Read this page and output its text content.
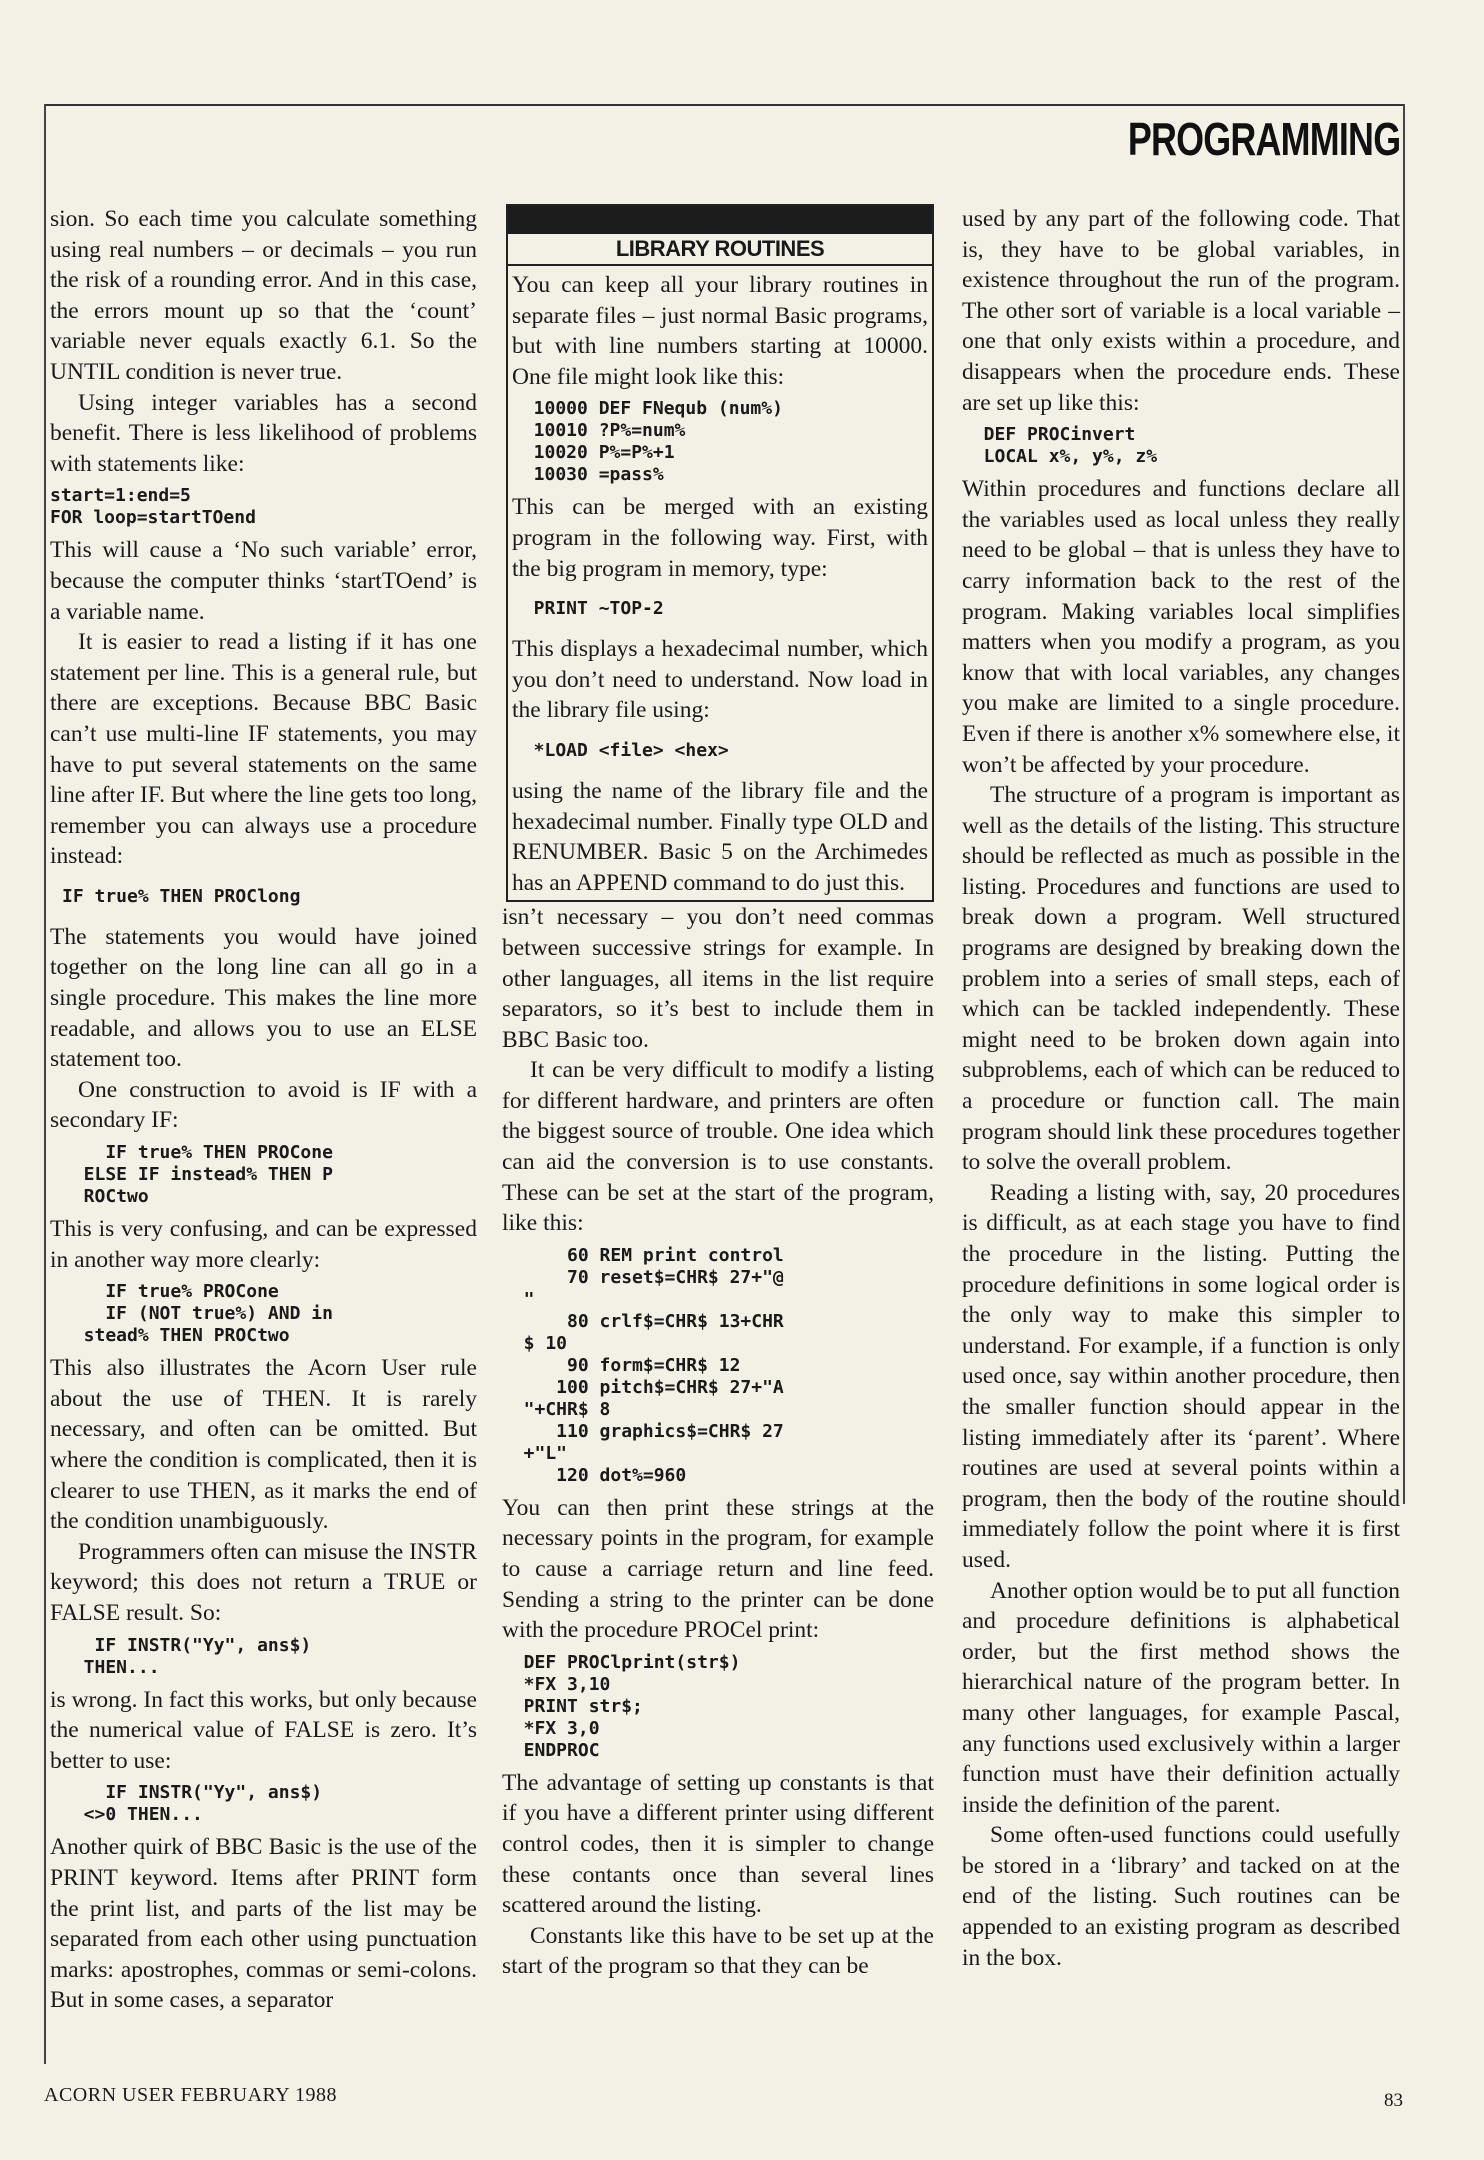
PROGRAMMING

sion. So each time you calculate something using real numbers – or decimals – you run the risk of a rounding error. And in this case, the errors mount up so that the ‘count’ variable never equals exactly 6.1. So the UNTIL condition is never true.

Using integer variables has a second benefit. There is less likelihood of problems with statements like:

start=1:end=5
FOR loop=startTOend

This will cause a ‘No such variable’ error, because the computer thinks ‘startTOend’ is a variable name.

It is easier to read a listing if it has one statement per line. This is a general rule, but there are exceptions. Because BBC Basic can’t use multi-line IF statements, you may have to put several statements on the same line after IF. But where the line gets too long, remember you can always use a procedure instead:

IF true% THEN PROClong

The statements you would have joined together on the long line can all go in a single procedure. This makes the line more readable, and allows you to use an ELSE statement too.

One construction to avoid is IF with a secondary IF:

IF true% THEN PROCone
ELSE IF instead% THEN P
ROCtwo

This is very confusing, and can be expressed in another way more clearly:

IF true% PROCone
IF (NOT true%) AND in
stead% THEN PROCtwo

This also illustrates the Acorn User rule about the use of THEN. It is rarely necessary, and often can be omitted. But where the condition is complicated, then it is clearer to use THEN, as it marks the end of the condition unambiguously.

Programmers often can misuse the INSTR keyword; this does not return a TRUE or FALSE result. So:

IF INSTR("Yy", ans$)
THEN...

is wrong. In fact this works, but only because the numerical value of FALSE is zero. It’s better to use:

IF INSTR("Yy", ans$)
<>0 THEN...

Another quirk of BBC Basic is the use of the PRINT keyword. Items after PRINT form the print list, and parts of the list may be separated from each other using punctuation marks: apostrophes, commas or semi-colons. But in some cases, a separator

LIBRARY ROUTINES

You can keep all your library routines in separate files – just normal Basic programs, but with line numbers starting at 10000. One file might look like this:

10000 DEF FNequb (num%)
10010 ?P%=num%
10020 P%=P%+1
10030 =pass%

This can be merged with an existing program in the following way. First, with the big program in memory, type:

PRINT ~TOP-2

This displays a hexadecimal number, which you don’t need to understand. Now load in the library file using:

*LOAD <file> <hex>

using the name of the library file and the hexadecimal number. Finally type OLD and RENUMBER. Basic 5 on the Archimedes has an APPEND command to do just this.

isn’t necessary – you don’t need commas between successive strings for example. In other languages, all items in the list require separators, so it’s best to include them in BBC Basic too.

It can be very difficult to modify a listing for different hardware, and printers are often the biggest source of trouble. One idea which can aid the conversion is to use constants. These can be set at the start of the program, like this:

60 REM print control
70 reset$=CHR$ 27+"@
"
80 crlf$=CHR$ 13+CHR
$ 10
90 form$=CHR$ 12
100 pitch$=CHR$ 27+"A
"+CHR$ 8
110 graphics$=CHR$ 27
+"L"
120 dot%=960

You can then print these strings at the necessary points in the program, for example to cause a carriage return and line feed. Sending a string to the printer can be done with the procedure PROCel print:

DEF PROClprint(str$)
*FX 3,10
PRINT str$;
*FX 3,0
ENDPROC

The advantage of setting up constants is that if you have a different printer using different control codes, then it is simpler to change these contants once than several lines scattered around the listing.

Constants like this have to be set up at the start of the program so that they can be

used by any part of the following code. That is, they have to be global variables, in existence throughout the run of the program. The other sort of variable is a local variable – one that only exists within a procedure, and disappears when the procedure ends. These are set up like this:

DEF PROCinvert
LOCAL x%, y%, z%

Within procedures and functions declare all the variables used as local unless they really need to be global – that is unless they have to carry information back to the rest of the program. Making variables local simplifies matters when you modify a program, as you know that with local variables, any changes you make are limited to a single procedure. Even if there is another x% somewhere else, it won’t be affected by your procedure.

The structure of a program is important as well as the details of the listing. This structure should be reflected as much as possible in the listing. Procedures and functions are used to break down a program. Well structured programs are designed by breaking down the problem into a series of small steps, each of which can be tackled independently. These might need to be broken down again into subproblems, each of which can be reduced to a procedure or function call. The main program should link these procedures together to solve the overall problem.

Reading a listing with, say, 20 procedures is difficult, as at each stage you have to find the procedure in the listing. Putting the procedure definitions in some logical order is the only way to make this simpler to understand. For example, if a function is only used once, say within another procedure, then the smaller function should appear in the listing immediately after its ‘parent’. Where routines are used at several points within a program, then the body of the routine should immediately follow the point where it is first used.

Another option would be to put all function and procedure definitions is alphabetical order, but the first method shows the hierarchical nature of the program better. In many other languages, for example Pascal, any functions used exclusively within a larger function must have their definition actually inside the definition of the parent.

Some often-used functions could usefully be stored in a ‘library’ and tacked on at the end of the listing. Such routines can be appended to an existing program as described in the box.

ACORN USER FEBRUARY 1988	83
